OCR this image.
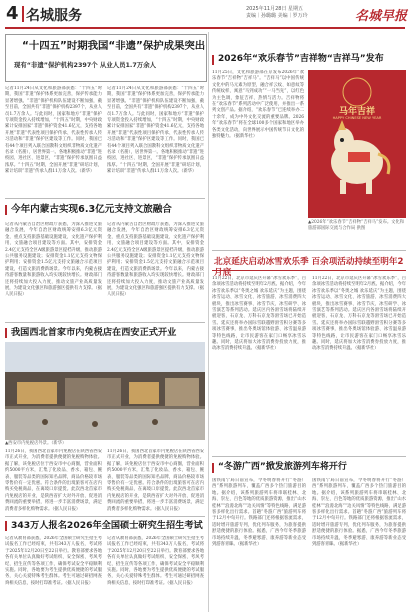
4 名城服务	2025年11月28日 星期五
责编｜孙璐璐 美编｜罗万玲	名城早报
“十四五”时期我国“非遗”保护成果突出
现有“非遗”保护机构2397个 从业人员1.7万余人
记者11月24日从文化和旅游部获悉：“十四五”时期，我国“非遗”保护体系更加完善，保护传承能力显著增强。“非遗”保护机构队伍建设不断加强，截至目前，全国共有“非遗”保护机构2397个，从业人员1.7万余人。与此同时，国家和地方“非遗”保护专项资金投入持续增加，“十四五”时期，中央财政累计安排国家“非遗”保护资金41.6亿元，支持各地开展“非遗”代表性项目保护传承、代表性传承人传习活动和“非遗”保护区建设等工作。同时，我国已有44个项目列入联合国教科文组织非物质文化遗产名录（名册），居世界第一。各地积极推动“非遗”进校园、进社区、进景区，“非遗”保护传承氛围日益浓厚。“十四五”时期，全国开展“非遗”研培计划，累计培训“非遗”传承人群11万余人次。（新华）
记者11月24日从文化和旅游部获悉：“十四五”时期，我国“非遗”保护体系更加完善，保护传承能力显著增强。“非遗”保护机构队伍建设不断加强，截至目前，全国共有“非遗”保护机构2397个，从业人员1.7万余人。与此同时，国家和地方“非遗”保护专项资金投入持续增加，“十四五”时期，中央财政累计安排国家“非遗”保护资金41.6亿元，支持各地开展“非遗”代表性项目保护传承、代表性传承人传习活动和“非遗”保护区建设等工作。同时，我国已有44个项目列入联合国教科文组织非物质文化遗产名录（名册），居世界第一。各地积极推动“非遗”进校园、进社区、进景区，“非遗”保护传承氛围日益浓厚。“十四五”时期，全国开展“非遗”研培计划，累计培训“非遗”传承人群11万余人次。（新华）
今年内蒙古实现6.3亿元支持文旅融合
记者从内蒙古自治区财政厅获悉，为深入推进文旅融合发展，今年自治区财政统筹安排6.3亿元资金，重点支持旅游基础设施建设、文化遗产保护利用、文旅融合项目建设等方面。其中，安排资金2.4亿元支持全区A级旅游景区提档升级，推动旅游公共服务设施建设；安排资金1.1亿元支持文物保护利用；安排资金1.5亿元支持文旅融合示范项目建设，打造文旅消费新场景。今年以来，内蒙古接待游客数量和旅游收入均实现较快增长。财政部门还将持续加大投入力度，推动文旅产业高质量发展，为建设文化强区和旅游强区提供有力支撑。（据人民日报）
记者从内蒙古自治区财政厅获悉，为深入推进文旅融合发展，今年自治区财政统筹安排6.3亿元资金，重点支持旅游基础设施建设、文化遗产保护利用、文旅融合项目建设等方面。其中，安排资金2.4亿元支持全区A级旅游景区提档升级，推动旅游公共服务设施建设；安排资金1.1亿元支持文物保护利用；安排资金1.5亿元支持文旅融合示范项目建设，打造文旅消费新场景。今年以来，内蒙古接待游客数量和旅游收入均实现较快增长。财政部门还将持续加大投入力度，推动文旅产业高质量发展，为建设文化强区和旅游强区提供有力支撑。（据人民日报）
我国西北首家市内免税店在西安正式开业
▲西安市内免税店外景。（新华）
11月26日，我国西北首家市内免税店在陕西省西安市正式开业，为消费者提供便捷的免税购物体验。据了解，该免税店位于西安市中心商圈，营业面积约5000平方米，汇集了化妆品、香水、箱包、腕表、服装等品类的国际知名品牌，商品价格较市场零售价有一定优惠。符合条件的出境旅客可在店内购买免税商品，在离境口岸提货。此次西北首家市内免税店的开业，是陕西省扩大对外开放、促进消费回流的重要举措，将进一步丰富消费场景，满足消费者多样化购物需求。（据人民日报）
11月26日，我国西北首家市内免税店在陕西省西安市正式开业，为消费者提供便捷的免税购物体验。据了解，该免税店位于西安市中心商圈，营业面积约5000平方米，汇集了化妆品、香水、箱包、腕表、服装等品类的国际知名品牌，商品价格较市场零售价有一定优惠。符合条件的出境旅客可在店内购买免税商品，在离境口岸提货。此次西北首家市内免税店的开业，是陕西省扩大对外开放、促进消费回流的重要举措，将进一步丰富消费场景，满足消费者多样化购物需求。（据人民日报）
343万人报名2026年全国硕士研究生招生考试
记者从教育部获悉，2026年全国硕士研究生招生考试报名工作已经结束，共有343万人报名，考试将于2025年12月20日至22日举行。教育部要求各地各有关单位认真做好考试组织、安全保密、考风考纪、招生宣传等各项工作，确保考试安全平稳顺利实施。同时，各地要为考生提供优质便捷的考试服务，关心关爱特殊考生群体。考生可通过研招网查询相关信息，按时打印准考证。（据人民日报）
记者从教育部获悉，2026年全国硕士研究生招生考试报名工作已经结束，共有343万人报名，考试将于2025年12月20日至22日举行。教育部要求各地各有关单位认真做好考试组织、安全保密、考风考纪、招生宣传等各项工作，确保考试安全平稳顺利实施。同时，各地要为考生提供优质便捷的考试服务，关心关爱特殊考生群体。考生可通过研招网查询相关信息，按时打印准考证。（据人民日报）
2026年“欢乐春节”吉祥物“吉祥马”发布
11月25日，文化和旅游部在京发布2026年“欢乐春节”吉祥物“吉祥马”。“吉祥马”以中国传统文化中的马元素为原型，融合祥云纹、如意纹等传统纹样，寓意“马到成功”“一马当先”，以红色为主色调，象征吉祥、热情与活力。吉祥物将在“欢乐春节”系列活动中广泛使用，并推出一系列文创产品。据介绍，“欢乐春节”已连续举办二十余年，成为中外文化交流的重要品牌。2026年“欢乐春节”将在全球100多个国家和地区举办各类文化活动，向世界展示中国传统节日文化的独特魅力。（据新华社）
马年吉祥
HAPPY CHINESE NEW YEAR
▲2026年“欢乐春节”吉祥物“吉祥马”发布。文化和旅游部国际交流与合作局 供图
北京延庆启动冰雪欢乐季 百余项活动持续至明年2月底
11月22日，北京市延庆区开幕“冰雪欢乐季”，百余项冰雪活动将持续至明年2月底。据介绍，今年冰雪欢乐季以“冬奥之城 欢乐延庆”为主题，围绕冰雪运动、冰雪文化、冰雪旅游、冰雪消费四大板块，推出冰雪赛事、冰雪节庆、冰雪研学、冰雪演艺等系列活动。延庆区内各滑雪场将陆续开板迎客，石京龙、万科石京龙等滑雪场已开始造雪。延庆还将举办国际雪联越野滑雪积分赛等多项冰雪赛事，推出冬奥场馆体验游、冰雪温泉游等特色线路，让市民游客在家门口畅享冰雪乐趣。同时，延庆将加大冰雪消费券投放力度，推动冰雪消费持续升温。（据新华社）
11月22日，北京市延庆区开幕“冰雪欢乐季”，百余项冰雪活动将持续至明年2月底。据介绍，今年冰雪欢乐季以“冬奥之城 欢乐延庆”为主题，围绕冰雪运动、冰雪文化、冰雪旅游、冰雪消费四大板块，推出冰雪赛事、冰雪节庆、冰雪研学、冰雪演艺等系列活动。延庆区内各滑雪场将陆续开板迎客，石京龙、万科石京龙等滑雪场已开始造雪。延庆还将举办国际雪联越野滑雪积分赛等多项冰雪赛事，推出冬奥场馆体验游、冰雪温泉游等特色线路，让市民游客在家门口畅享冰雪乐趣。同时，延庆将加大冰雪消费券投放力度，推动冰雪消费持续升温。（据新华社）
“冬游广西”掀发旅游列车将开行
国铁南宁局日前宣布，今冬明春将开行“冬游广西”系列旅游列车，覆盖广西多个热门旅游目的地。据介绍，该系列旅游列车将串联桂林、北海、崇左、百色等地的优质旅游资源，推出“山水桂林”“浪漫北海”“边关风情”等特色线路，满足游客多样化出行需求。首趟“冬游广西”旅游列车将于12月中旬开行。铁路部门还将根据客流需求，适时增开旅游专列，优化列车服务，为旅客提供舒适便捷的旅行体验。据悉，广西今年冬季旅游市场持续升温，冬季避寒游、康养游等新业态受到游客青睐。（据新华社）
国铁南宁局日前宣布，今冬明春将开行“冬游广西”系列旅游列车，覆盖广西多个热门旅游目的地。据介绍，该系列旅游列车将串联桂林、北海、崇左、百色等地的优质旅游资源，推出“山水桂林”“浪漫北海”“边关风情”等特色线路，满足游客多样化出行需求。首趟“冬游广西”旅游列车将于12月中旬开行。铁路部门还将根据客流需求，适时增开旅游专列，优化列车服务，为旅客提供舒适便捷的旅行体验。据悉，广西今年冬季旅游市场持续升温，冬季避寒游、康养游等新业态受到游客青睐。（据新华社）
